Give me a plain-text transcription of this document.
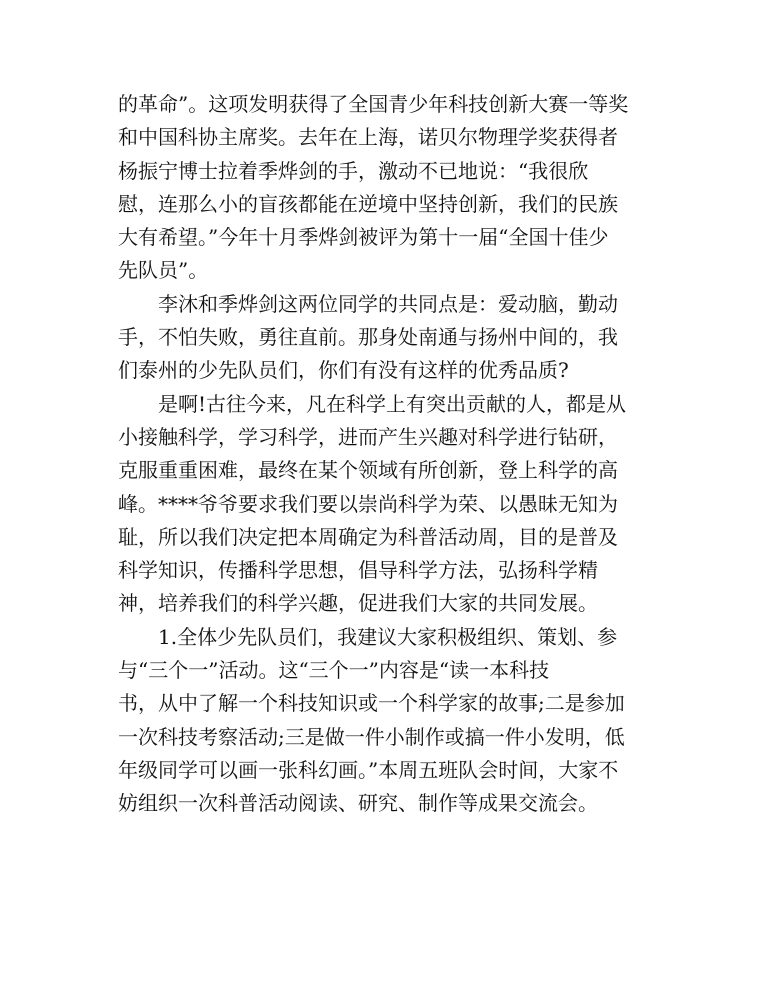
的革命”。这项发明获得了全国青少年科技创新大赛一等奖
和中国科协主席奖。去年在上海，诺贝尔物理学奖获得者
杨振宁博士拉着季烨剑的手，激动不已地说：“我很欣
慰，连那么小的盲孩都能在逆境中坚持创新，我们的民族
大有希望。”今年十月季烨剑被评为第十一届“全国十佳少
先队员”。
李沐和季烨剑这两位同学的共同点是：爱动脑，勤动
手，不怕失败，勇往直前。那身处南通与扬州中间的，我
们泰州的少先队员们，你们有没有这样的优秀品质?
是啊!古往今来，凡在科学上有突出贡献的人，都是从
小接触科学，学习科学，进而产生兴趣对科学进行钻研，
克服重重困难，最终在某个领域有所创新，登上科学的高
峰。****爷爷要求我们要以崇尚科学为荣、以愚昧无知为
耻，所以我们决定把本周确定为科普活动周，目的是普及
科学知识，传播科学思想，倡导科学方法，弘扬科学精
神，培养我们的科学兴趣，促进我们大家的共同发展。
1.全体少先队员们，我建议大家积极组织、策划、参
与“三个一”活动。这“三个一”内容是“读一本科技
书，从中了解一个科技知识或一个科学家的故事;二是参加
一次科技考察活动;三是做一件小制作或搞一件小发明，低
年级同学可以画一张科幻画。”本周五班队会时间，大家不
妨组织一次科普活动阅读、研究、制作等成果交流会。
